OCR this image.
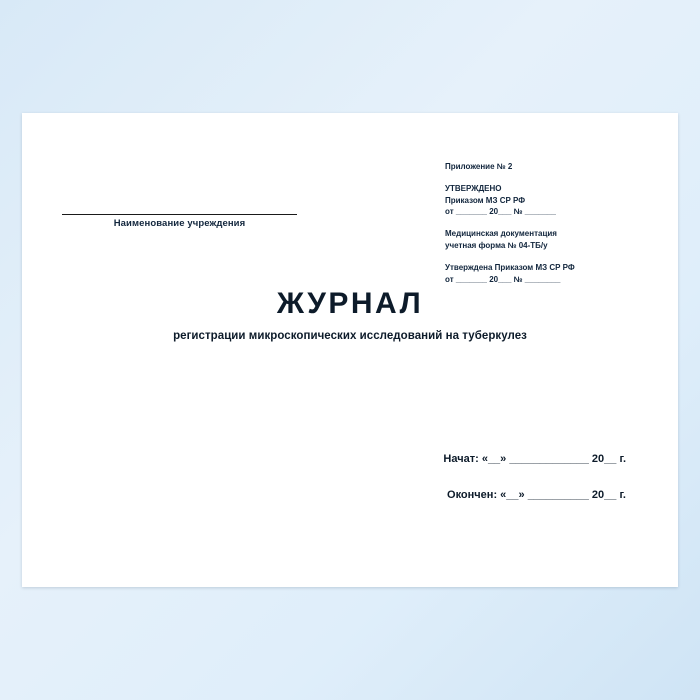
Приложение № 2
УТВЕРЖДЕНО
Приказом МЗ СР РФ
от _______ 20___ № _______
Медицинская документация
учетная форма № 04-ТБ/у
Утверждена Приказом МЗ СР РФ
от _______ 20___ № ________
Наименование учреждения
ЖУРНАЛ
регистрации микроскопических исследований на туберкулез
Начат: «__» _____________ 20__ г.
Окончен: «__» __________ 20__ г.
